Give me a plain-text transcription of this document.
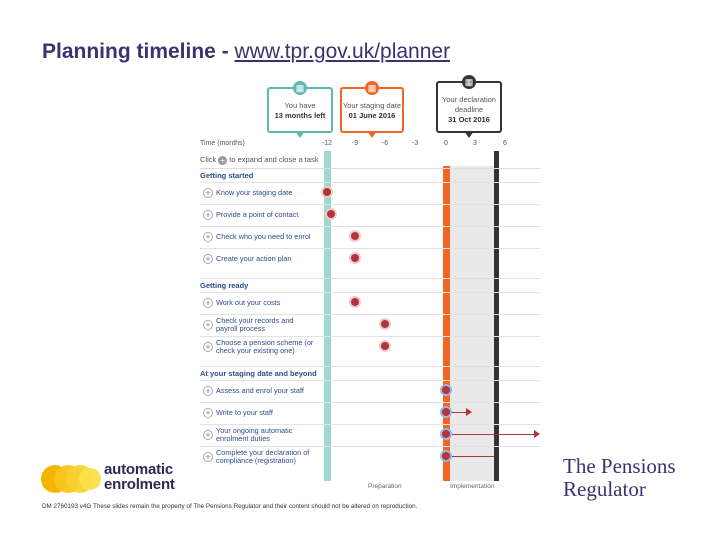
Planning timeline - www.tpr.gov.uk/planner
▦
You have
13 months left
▦
Your staging date
01 June 2016
▦
Your declaration deadline
31 Oct 2016
Time (months)	-12	-9	-6	-3	0	3	6
Click + to expand and close a task
Getting started
+ Know your staging date
+ Provide a point of contact
+ Check who you need to enrol
+ Create your action plan
Getting ready
+ Work out your costs
+ Check your records and payroll process
+ Choose a pension scheme (or check your existing one)
At your staging date and beyond
+ Assess and enrol your staff
+ Write to your staff
+ Your ongoing automatic enrolment duties
+ Complete your declaration of compliance (registration)
Preparation	Implementation
automatic
enrolment
The Pensions
Regulator
DM 2760193 v4G These slides remain the property of The Pensions Regulator and their content should not be altered on reproduction.
